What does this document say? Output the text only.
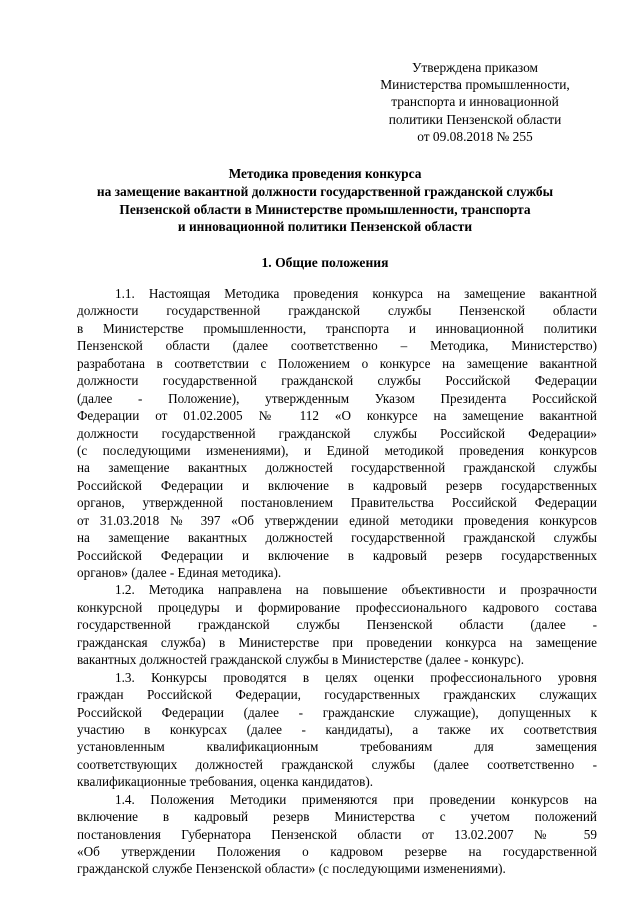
Утверждена приказом
Министерства промышленности,
транспорта и инновационной
политики Пензенской области
от 09.08.2018 № 255
Методика проведения конкурса
на замещение вакантной должности государственной гражданской службы
Пензенской области в Министерстве промышленности, транспорта
и инновационной политики Пензенской области
1. Общие положения
1.1. Настоящая Методика проведения конкурса на замещение вакантной
должности государственной гражданской службы Пензенской области
в Министерстве промышленности, транспорта и инновационной политики
Пензенской области (далее соответственно – Методика, Министерство)
разработана в соответствии с Положением о конкурсе на замещение вакантной
должности государственной гражданской службы Российской Федерации
(далее - Положение), утвержденным Указом Президента Российской
Федерации от 01.02.2005 № 112 «О конкурсе на замещение вакантной
должности государственной гражданской службы Российской Федерации»
(с последующими изменениями), и Единой методикой проведения конкурсов
на замещение вакантных должностей государственной гражданской службы
Российской Федерации и включение в кадровый резерв государственных
органов, утвержденной постановлением Правительства Российской Федерации
от 31.03.2018 № 397 «Об утверждении единой методики проведения конкурсов
на замещение вакантных должностей государственной гражданской службы
Российской Федерации и включение в кадровый резерв государственных
органов» (далее - Единая методика).
1.2. Методика направлена на повышение объективности и прозрачности
конкурсной процедуры и формирование профессионального кадрового состава
государственной гражданской службы Пензенской области (далее -
гражданская служба) в Министерстве при проведении конкурса на замещение
вакантных должностей гражданской службы в Министерстве (далее - конкурс).
1.3. Конкурсы проводятся в целях оценки профессионального уровня
граждан Российской Федерации, государственных гражданских служащих
Российской Федерации (далее - гражданские служащие), допущенных к
участию в конкурсах (далее - кандидаты), а также их соответствия
установленным квалификационным требованиям для замещения
соответствующих должностей гражданской службы (далее соответственно -
квалификационные требования, оценка кандидатов).
1.4. Положения Методики применяются при проведении конкурсов на
включение в кадровый резерв Министерства с учетом положений
постановления Губернатора Пензенской области от 13.02.2007 № 59
«Об утверждении Положения о кадровом резерве на государственной
гражданской службе Пензенской области» (с последующими изменениями).
